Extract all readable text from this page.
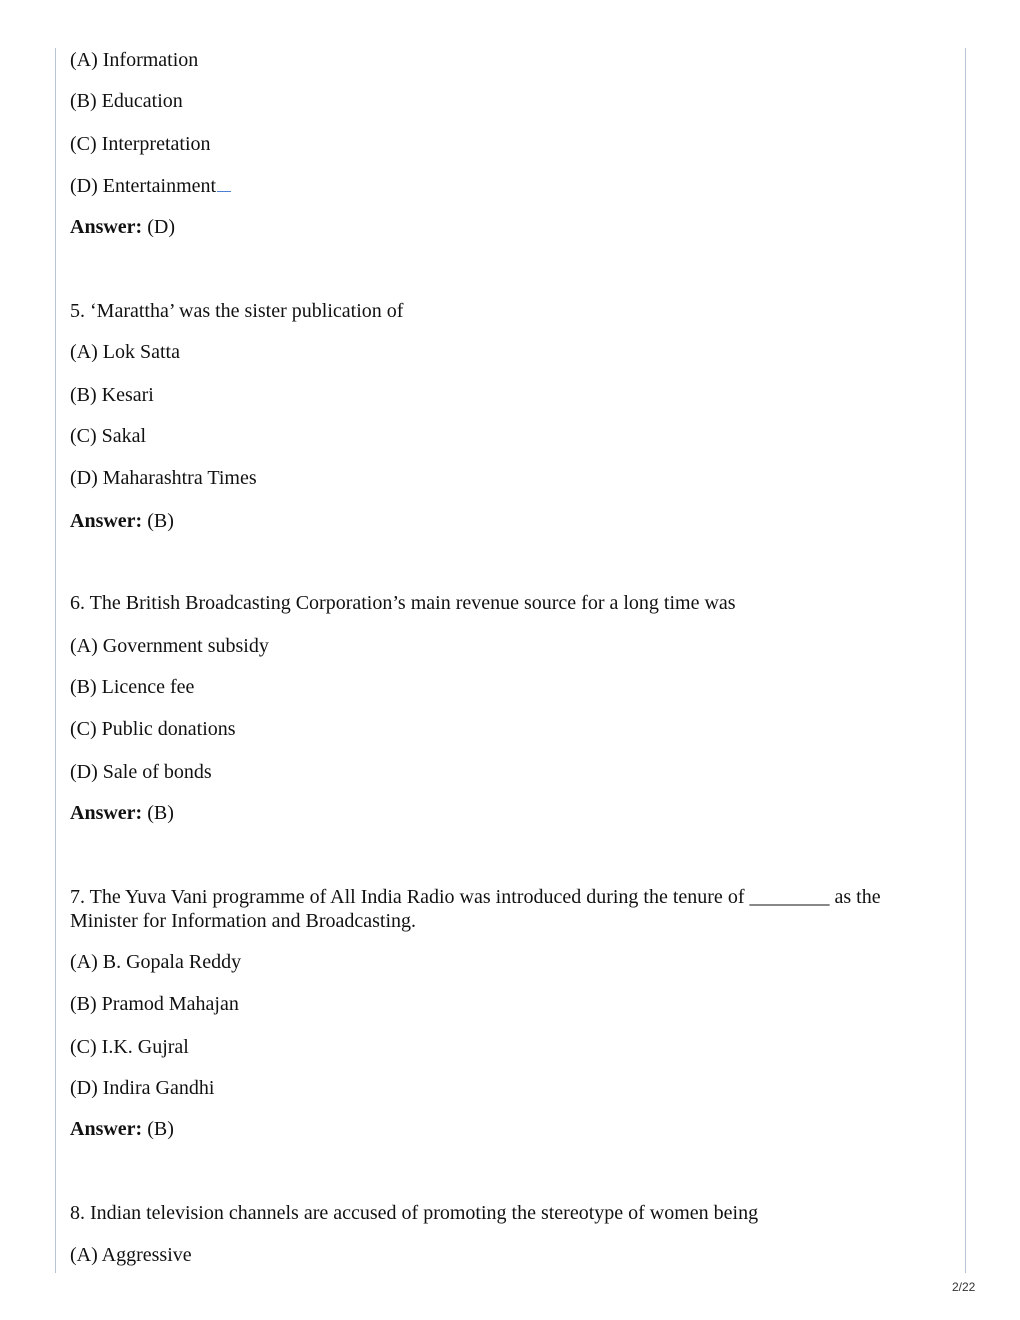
(A) Information
(B) Education
(C) Interpretation
(D) Entertainment
Answer: (D)
5. ‘Marattha’ was the sister publication of
(A) Lok Satta
(B) Kesari
(C) Sakal
(D) Maharashtra Times
Answer: (B)
6. The British Broadcasting Corporation’s main revenue source for a long time was
(A) Government subsidy
(B) Licence fee
(C) Public donations
(D) Sale of bonds
Answer: (B)
7. The Yuva Vani programme of All India Radio was introduced during the tenure of ________ as the Minister for Information and Broadcasting.
(A) B. Gopala Reddy
(B) Pramod Mahajan
(C) I.K. Gujral
(D) Indira Gandhi
Answer: (B)
8. Indian television channels are accused of promoting the stereotype of women being
(A) Aggressive
2/22
